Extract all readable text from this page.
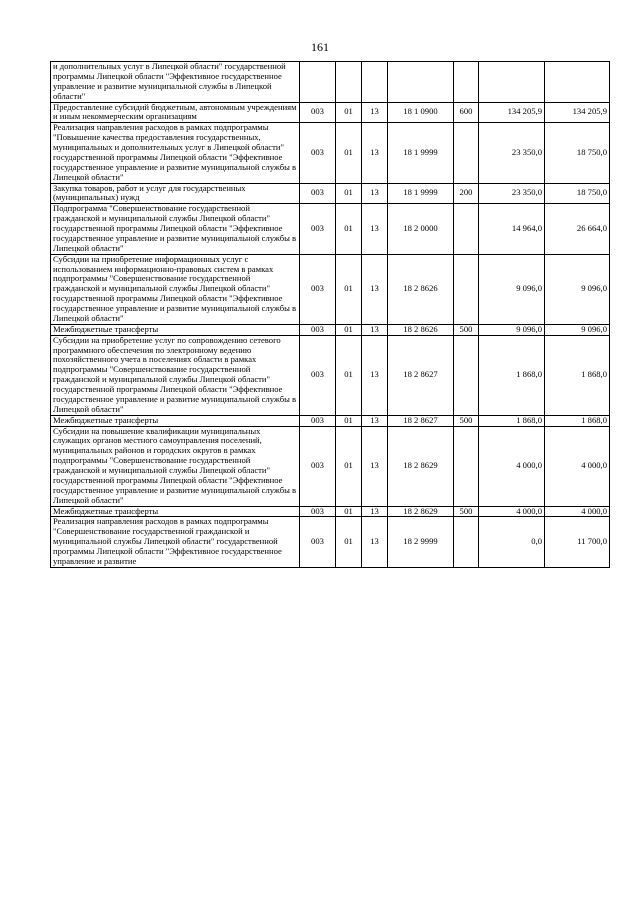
161
и дополнительных услуг в Липецкой области" государственной программы Липецкой области "Эффективное государственное управление и развитие муниципальной службы в Липецкой области"							
Предоставление субсидий бюджетным, автономным учреждениям и иным некоммерческим организациям	003	01	13	18 1 0900	600	134 205,9	134 205,9
Реализация направления расходов в рамках подпрограммы "Повышение качества предоставления государственных, муниципальных и дополнительных услуг в Липецкой области" государственной программы Липецкой области "Эффективное государственное управление и развитие муниципальной службы в Липецкой области"	003	01	13	18 1 9999		23 350,0	18 750,0
Закупка товаров, работ и услуг для государственных (муниципальных) нужд	003	01	13	18 1 9999	200	23 350,0	18 750,0
Подпрограмма "Совершенствование государственной гражданской и муниципальной службы Липецкой области" государственной программы Липецкой области "Эффективное государственное управление и развитие муниципальной службы в Липецкой области"	003	01	13	18 2 0000		14 964,0	26 664,0
Субсидии на приобретение информационных услуг с использованием информационно-правовых систем в рамках подпрограммы "Совершенствование государственной гражданской и муниципальной службы Липецкой области" государственной программы Липецкой области "Эффективное государственное управление и развитие муниципальной службы в Липецкой области"	003	01	13	18 2 8626		9 096,0	9 096,0
Межбюджетные трансферты	003	01	13	18 2 8626	500	9 096,0	9 096,0
Субсидии на приобретение услуг по сопровождению сетевого программного обеспечения по электронному ведению похозяйственного учета в поселениях области в рамках подпрограммы "Совершенствование государственной гражданской и муниципальной службы Липецкой области" государственной программы Липецкой области "Эффективное государственное управление и развитие муниципальной службы в Липецкой области"	003	01	13	18 2 8627		1 868,0	1 868,0
Межбюджетные трансферты	003	01	13	18 2 8627	500	1 868,0	1 868,0
Субсидии на повышение квалификации муниципальных служащих органов местного самоуправления поселений, муниципальных районов и городских округов в рамках подпрограммы "Совершенствование государственной гражданской и муниципальной службы Липецкой области" государственной программы Липецкой области "Эффективное государственное управление и развитие муниципальной службы в Липецкой области"	003	01	13	18 2 8629		4 000,0	4 000,0
Межбюджетные трансферты	003	01	13	18 2 8629	500	4 000,0	4 000,0
Реализация направления расходов в рамках подпрограммы "Совершенствование государственной гражданской и муниципальной службы Липецкой области" государственной программы Липецкой области "Эффективное государственное управление и развитие	003	01	13	18 2 9999		0,0	11 700,0
